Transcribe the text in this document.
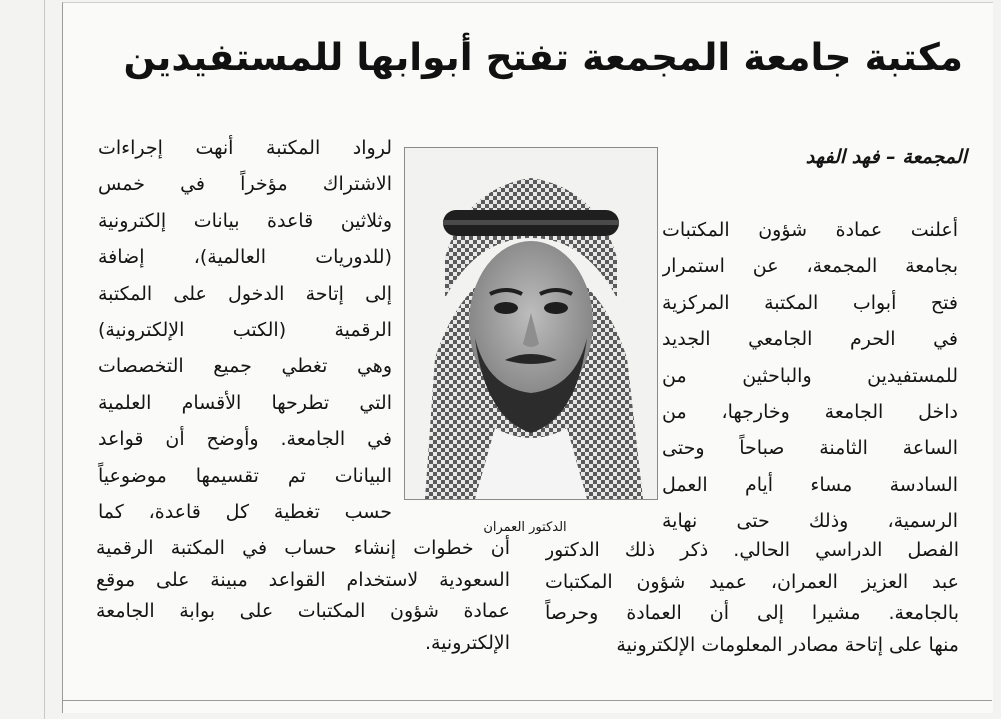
مكتبة جامعة المجمعة تفتح أبوابها للمستفيدين
المجمعة – فهد الفهد
أعلنت عمادة شؤون المكتبات
بجامعة المجمعة، عن استمرار
فتح أبواب المكتبة المركزية
في الحرم الجامعي الجديد
للمستفيدين والباحثين من
داخل الجامعة وخارجها، من
الساعة الثامنة صباحاً وحتى
السادسة مساء أيام العمل
الرسمية، وذلك حتى نهاية
الفصل الدراسي الحالي. ذكر ذلك الدكتور
عبد العزيز العمران، عميد شؤون المكتبات
بالجامعة. مشيرا إلى أن العمادة وحرصاً
منها على إتاحة مصادر المعلومات الإلكترونية
الدكتور العمران
لرواد المكتبة أنهت إجراءات
الاشتراك مؤخراً في خمس
وثلاثين قاعدة بيانات إلكترونية
(للدوريات العالمية)، إضافة
إلى إتاحة الدخول على المكتبة
الرقمية (الكتب الإلكترونية)
وهي تغطي جميع التخصصات
التي تطرحها الأقسام العلمية
في الجامعة. وأوضح أن قواعد
البيانات تم تقسيمها موضوعياً
حسب تغطية كل قاعدة، كما
أن خطوات إنشاء حساب في المكتبة الرقمية
السعودية لاستخدام القواعد مبينة على موقع
عمادة شؤون المكتبات على بوابة الجامعة
الإلكترونية.
